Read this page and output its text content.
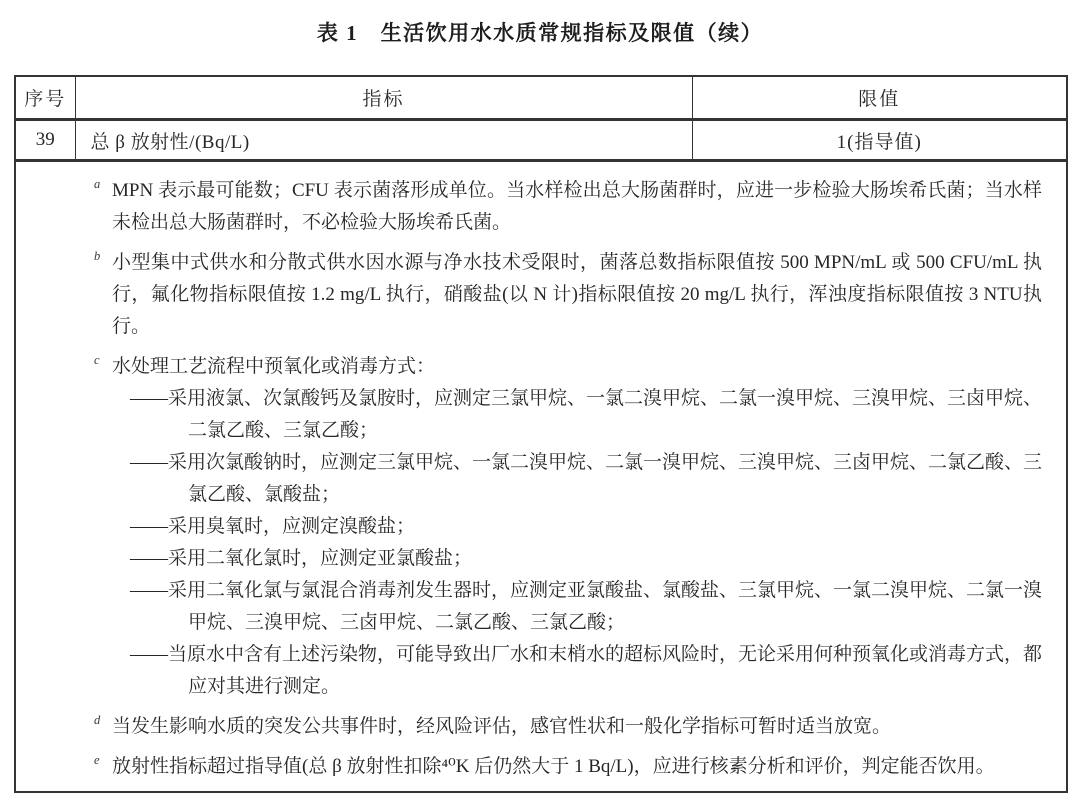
表 1　生活饮用水水质常规指标及限值（续）
序号	指标	限值
39	总 β 放射性/(Bq/L)	1(指导值)

a MPN 表示最可能数；CFU 表示菌落形成单位。当水样检出总大肠菌群时，应进一步检验大肠埃希氏菌；当水样未检出总大肠菌群时，不必检验大肠埃希氏菌。
b 小型集中式供水和分散式供水因水源与净水技术受限时，菌落总数指标限值按 500 MPN/mL 或 500 CFU/mL 执行，氟化物指标限值按 1.2 mg/L 执行，硝酸盐(以 N 计)指标限值按 20 mg/L 执行，浑浊度指标限值按 3 NTU执行。
c 水处理工艺流程中预氧化或消毒方式：
——采用液氯、次氯酸钙及氯胺时，应测定三氯甲烷、一氯二溴甲烷、二氯一溴甲烷、三溴甲烷、三卤甲烷、二氯乙酸、三氯乙酸；
——采用次氯酸钠时，应测定三氯甲烷、一氯二溴甲烷、二氯一溴甲烷、三溴甲烷、三卤甲烷、二氯乙酸、三氯乙酸、氯酸盐；
——采用臭氧时，应测定溴酸盐；
——采用二氧化氯时，应测定亚氯酸盐；
——采用二氧化氯与氯混合消毒剂发生器时，应测定亚氯酸盐、氯酸盐、三氯甲烷、一氯二溴甲烷、二氯一溴甲烷、三溴甲烷、三卤甲烷、二氯乙酸、三氯乙酸；
——当原水中含有上述污染物，可能导致出厂水和末梢水的超标风险时，无论采用何种预氧化或消毒方式，都应对其进行测定。
d 当发生影响水质的突发公共事件时，经风险评估，感官性状和一般化学指标可暂时适当放宽。
e 放射性指标超过指导值(总 β 放射性扣除⁴⁰K 后仍然大于 1 Bq/L)，应进行核素分析和评价，判定能否饮用。
